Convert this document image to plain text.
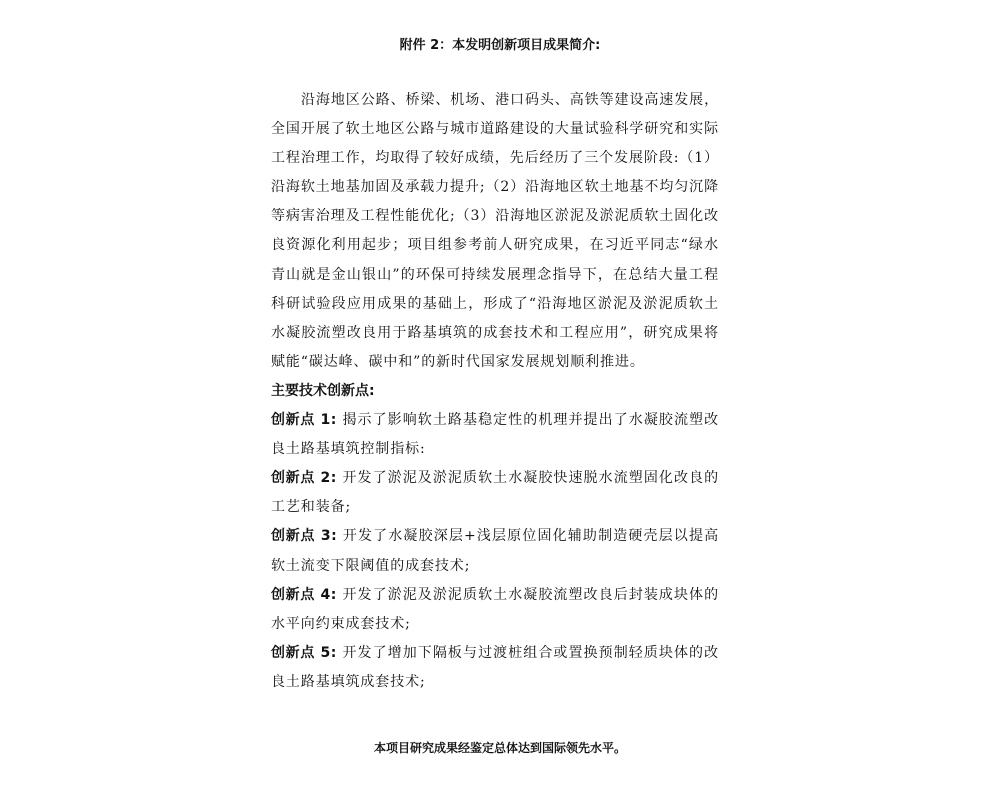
附件 2：本发明创新项目成果简介:

沿海地区公路、桥梁、机场、港口码头、高铁等建设高速发展，全国开展了软土地区公路与城市道路建设的大量试验科学研究和实际工程治理工作，均取得了较好成绩，先后经历了三个发展阶段:（1）沿海软土地基加固及承载力提升;（2）沿海地区软土地基不均匀沉降等病害治理及工程性能优化;（3）沿海地区淤泥及淤泥质软土固化改良资源化利用起步；项目组参考前人研究成果，在习近平同志“绿水青山就是金山银山”的环保可持续发展理念指导下，在总结大量工程科研试验段应用成果的基础上，形成了“沿海地区淤泥及淤泥质软土水凝胶流塑改良用于路基填筑的成套技术和工程应用”，研究成果将赋能“碳达峰、碳中和”的新时代国家发展规划顺利推进。

主要技术创新点:

创新点 1: 揭示了影响软土路基稳定性的机理并提出了水凝胶流塑改良土路基填筑控制指标:

创新点 2: 开发了淤泥及淤泥质软土水凝胶快速脱水流塑固化改良的工艺和装备;

创新点 3: 开发了水凝胶深层+浅层原位固化辅助制造硬壳层以提高软土流变下限阈值的成套技术;

创新点 4: 开发了淤泥及淤泥质软土水凝胶流塑改良后封装成块体的水平向约束成套技术;

创新点 5: 开发了增加下隔板与过渡桩组合或置换预制轻质块体的改良土路基填筑成套技术;

本项目研究成果经鉴定总体达到国际领先水平。
